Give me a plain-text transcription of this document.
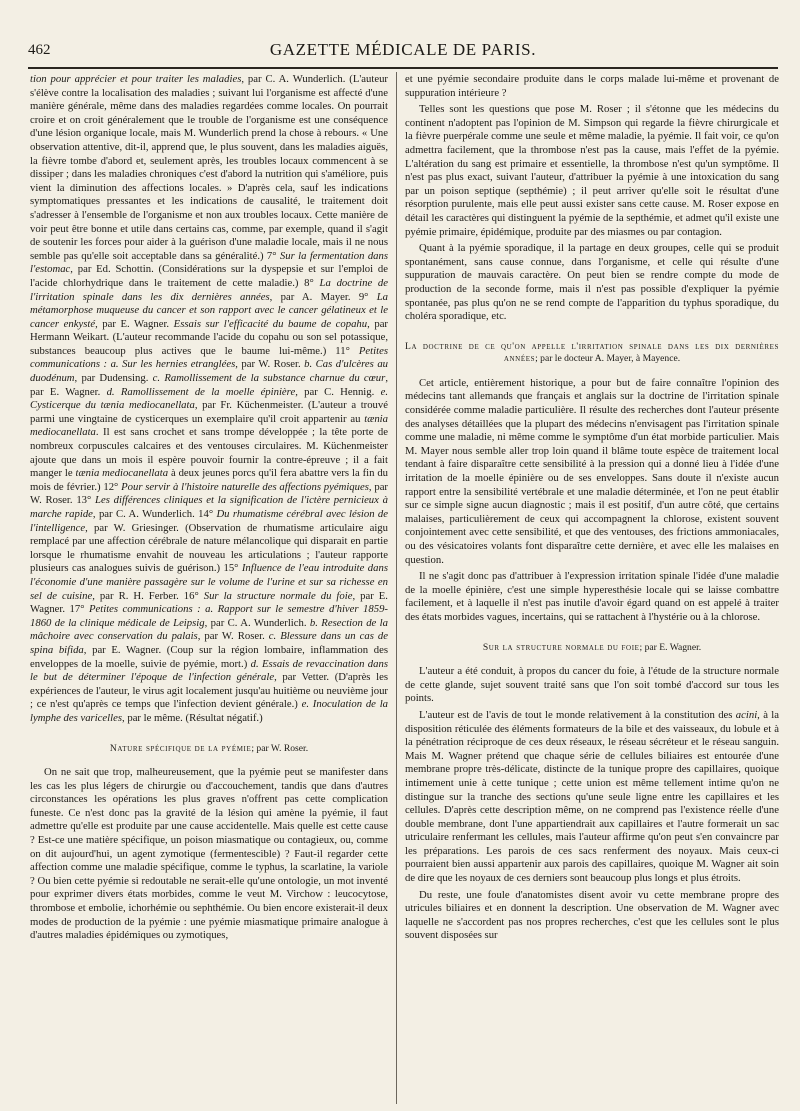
462	GAZETTE MÉDICALE DE PARIS.

tion pour apprécier et pour traiter les maladies, par C. A. Wunderlich. (L'auteur s'élève contre la localisation des maladies ; suivant lui l'organisme est affecté d'une manière générale, même dans des maladies regardées comme locales. On pourrait croire et on croit généralement que le trouble de l'organisme est une conséquence d'une lésion organique locale, mais M. Wunderlich prend la chose à rebours. « Une observation attentive, dit-il, apprend que, le plus souvent, dans les maladies aiguës, la fièvre tombe d'abord et, seulement après, les troubles locaux commencent à se dissiper ; dans les maladies chroniques c'est d'abord la nutrition qui s'améliore, puis vient la diminution des affections locales. » D'après cela, sauf les indications symptomatiques pressantes et les indications de causalité, le traitement doit s'adresser à l'ensemble de l'organisme et non aux troubles locaux. Cette manière de voir peut être bonne et utile dans certains cas, comme, par exemple, quand il s'agit de soutenir les forces pour aider à la guérison d'une maladie locale, mais il ne nous semble pas qu'elle soit acceptable dans sa généralité.) 7° Sur la fermentation dans l'estomac, par Ed. Schottin. (Considérations sur la dyspepsie et sur l'emploi de l'acide chlorhydrique dans le traitement de cette maladie.) 8° La doctrine de l'irritation spinale dans les dix dernières années, par A. Mayer. 9° La métamorphose muqueuse du cancer et son rapport avec le cancer gélatineux et le cancer enkysté, par E. Wagner. Essais sur l'efficacité du baume de copahu, par Hermann Weikart. (L'auteur recommande l'acide du copahu ou son sel potassique, substances beaucoup plus actives que le baume lui-même.) 11° Petites communications : a. Sur les hernies etranglées, par W. Roser. b. Cas d'ulcères au duodénum, par Dudensing. c. Ramollissement de la substance charnue du cœur, par E. Wagner. d. Ramollissement de la moelle épinière, par C. Hennig. e. Cysticerque du tænia mediocanellata, par Fr. Küchenmeister. (L'auteur a trouvé parmi une vingtaine de cysticerques un exemplaire qu'il croit appartenir au tænia mediocanellata. Il est sans crochet et sans trompe développée ; la tête porte de nombreux corpuscules calcaires et des ventouses circulaires. M. Küchenmeister ajoute que dans un mois il espère pouvoir fournir la contre-épreuve ; il a fait manger le tænia mediocanellata à deux jeunes porcs qu'il fera abattre vers la fin du mois de février.) 12° Pour servir à l'histoire naturelle des affections pyémiques, par W. Roser. 13° Les différences cliniques et la signification de l'ictère pernicieux à marche rapide, par C. A. Wunderlich. 14° Du rhumatisme cérébral avec lésion de l'intelligence, par W. Griesinger. (Observation de rhumatisme articulaire aigu remplacé par une affection cérébrale de nature mélancolique qui disparait en partie lorsque le rhumatisme envahit de nouveau les articulations ; l'auteur rapporte plusieurs cas analogues suivis de guérison.) 15° Influence de l'eau introduite dans l'économie d'une manière passagère sur le volume de l'urine et sur sa richesse en sel de cuisine, par R. H. Ferber. 16° Sur la structure normale du foie, par E. Wagner. 17° Petites communications : a. Rapport sur le semestre d'hiver 1859-1860 de la clinique médicale de Leipsig, par C. A. Wunderlich. b. Resection de la mâchoire avec conservation du palais, par W. Roser. c. Blessure dans un cas de spina bifida, par E. Wagner. (Coup sur la région lombaire, inflammation des enveloppes de la moelle, suivie de pyémie, mort.) d. Essais de revaccination dans le but de déterminer l'époque de l'infection générale, par Vetter. (D'après les expériences de l'auteur, le virus agit localement jusqu'au huitième ou neuvième jour ; ce n'est qu'après ce temps que l'infection devient générale.) e. Inoculation de la lymphe des varicelles, par le même. (Résultat négatif.)

Nature spécifique de la pyémie; par W. Roser.

On ne sait que trop, malheureusement, que la pyémie peut se manifester dans les cas les plus légers de chirurgie ou d'accouchement, tandis que dans d'autres circonstances les opérations les plus graves n'offrent pas cette complication funeste. Ce n'est donc pas la gravité de la lésion qui amène la pyémie, il faut admettre qu'elle est produite par une cause accidentelle. Mais quelle est cette cause ? Est-ce une matière spécifique, un poison miasmatique ou contagieux, ou, comme on dit aujourd'hui, un agent zymotique (fermentescible) ? Faut-il regarder cette affection comme une maladie spécifique, comme le typhus, la scarlatine, la variole ? Ou bien cette pyémie si redoutable ne serait-elle qu'une ontologie, un mot inventé pour exprimer divers états morbides, comme le veut M. Virchow : leucocytose, thrombose et embolie, ichorhémie ou sephthémie. Ou bien encore existerait-il deux modes de production de la pyémie : une pyémie miasmatique primaire analogue à d'autres maladies épidémiques ou zymotiques,

et une pyémie secondaire produite dans le corps malade lui-même et provenant de suppuration intérieure ?

Telles sont les questions que pose M. Roser ; il s'étonne que les médecins du continent n'adoptent pas l'opinion de M. Simpson qui regarde la fièvre chirurgicale et la fièvre puerpérale comme une seule et même maladie, la pyémie. Il fait voir, ce qu'on admettra facilement, que la thrombose n'est pas la cause, mais l'effet de la pyémie. L'altération du sang est primaire et essentielle, la thrombose n'est qu'un symptôme. Il n'est pas plus exact, suivant l'auteur, d'attribuer la pyémie à une intoxication du sang par un poison septique (septhémie) ; il peut arriver qu'elle soit le résultat d'une résorption purulente, mais elle peut aussi exister sans cette cause. M. Roser expose en détail les caractères qui distinguent la pyémie de la septhémie, et admet qu'il existe une pyémie primaire, épidémique, produite par des miasmes ou par contagion.

Quant à la pyémie sporadique, il la partage en deux groupes, celle qui se produit spontanément, sans cause connue, dans l'organisme, et celle qui résulte d'une suppuration de mauvais caractère. On peut bien se rendre compte du mode de production de la seconde forme, mais il n'est pas possible d'expliquer la pyémie spontanée, pas plus qu'on ne se rend compte de l'apparition du typhus sporadique, du choléra sporadique, etc.

La doctrine de ce qu'on appelle l'irritation spinale dans les dix dernières années; par le docteur A. Mayer, à Mayence.

Cet article, entièrement historique, a pour but de faire connaître l'opinion des médecins tant allemands que français et anglais sur la doctrine de l'irritation spinale considérée comme maladie particulière. Il résulte des recherches dont l'auteur présente des analyses détaillées que la plupart des médecins n'envisagent pas l'irritation spinale comme une maladie, ni même comme le symptôme d'un état morbide particulier. Mais M. Mayer nous semble aller trop loin quand il blâme toute espèce de traitement local tendant à faire disparaître cette sensibilité à la pression qui a donné lieu à l'idée d'une irritation de la moelle épinière ou de ses enveloppes. Sans doute il n'existe aucun rapport entre la sensibilité vertébrale et une maladie déterminée, et l'on ne peut établir sur ce simple signe aucun diagnostic ; mais il est positif, d'un autre côté, que certains malaises, particulièrement de ceux qui accompagnent la chlorose, existent souvent conjointement avec cette sensibilité, et que des ventouses, des frictions ammoniacales, ou des vésicatoires volants font disparaître cette dernière, et avec elle les malaises en question.

Il ne s'agit donc pas d'attribuer à l'expression irritation spinale l'idée d'une maladie de la moelle épinière, c'est une simple hyperesthésie locale qui se laisse combattre facilement, et à laquelle il n'est pas inutile d'avoir égard quand on est appelé à traiter des états morbides vagues, incertains, qui se rattachent à l'hystérie ou à la chlorose.

Sur la structure normale du foie; par E. Wagner.

L'auteur a été conduit, à propos du cancer du foie, à l'étude de la structure normale de cette glande, sujet souvent traité sans que l'on soit tombé d'accord sur tous les points.

L'auteur est de l'avis de tout le monde relativement à la constitution des acini, à la disposition réticulée des éléments formateurs de la bile et des vaisseaux, du lobule et à la pénétration réciproque de ces deux réseaux, le réseau sécréteur et le réseau sanguin. Mais M. Wagner prétend que chaque série de cellules biliaires est entourée d'une membrane propre très-délicate, distincte de la tunique propre des capillaires, quoique intimement unie à cette tunique ; cette union est même tellement intime qu'on ne distingue sur la tranche des sections qu'une seule ligne entre les capillaires et les cellules. D'après cette description même, on ne comprend pas l'existence réelle d'une double membrane, dont l'une appartiendrait aux capillaires et l'autre formerait un sac utriculaire renfermant les cellules, mais l'auteur affirme qu'on peut s'en convaincre par les préparations. Les parois de ces sacs renferment des noyaux. Mais ceux-ci pourraient bien aussi appartenir aux parois des capillaires, quoique M. Wagner ait soin de dire que les noyaux de ces derniers sont beaucoup plus longs et plus étroits.

Du reste, une foule d'anatomistes disent avoir vu cette membrane propre des utricules biliaires et en donnent la description. Une observation de M. Wagner avec laquelle ne s'accordent pas nos propres recherches, c'est que les cellules sont le plus souvent disposées sur
